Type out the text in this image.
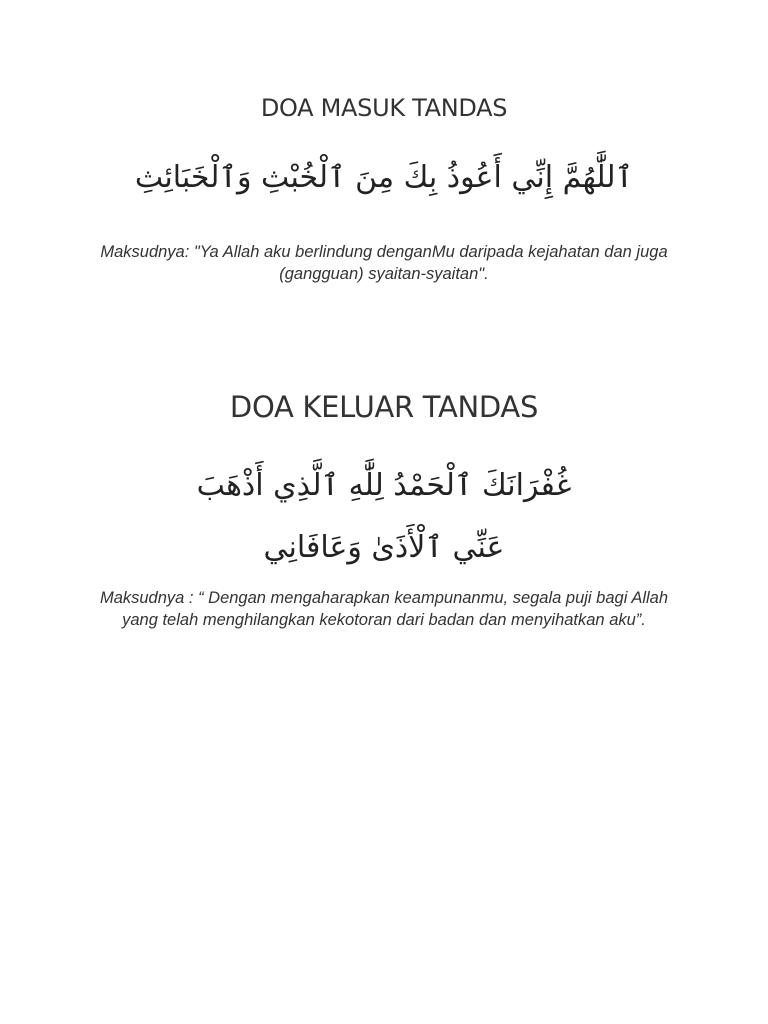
DOA MASUK TANDAS

ٱللَّٰهُمَّ إِنِّي أَعُوذُ بِكَ مِنَ ٱلْخُبْثِ وَٱلْخَبَائِثِ

Maksudnya: "Ya Allah aku berlindung denganMu daripada kejahatan dan juga (gangguan) syaitan-syaitan".

DOA KELUAR TANDAS

غُفْرَانَكَ ٱلْحَمْدُ لِلَّٰهِ ٱلَّذِي أَذْهَبَ

عَنِّي ٱلْأَذَىٰ وَعَافَانِي

Maksudnya : “ Dengan mengaharapkan keampunanmu, segala puji bagi Allah yang telah menghilangkan kekotoran dari badan dan menyihatkan aku”.
